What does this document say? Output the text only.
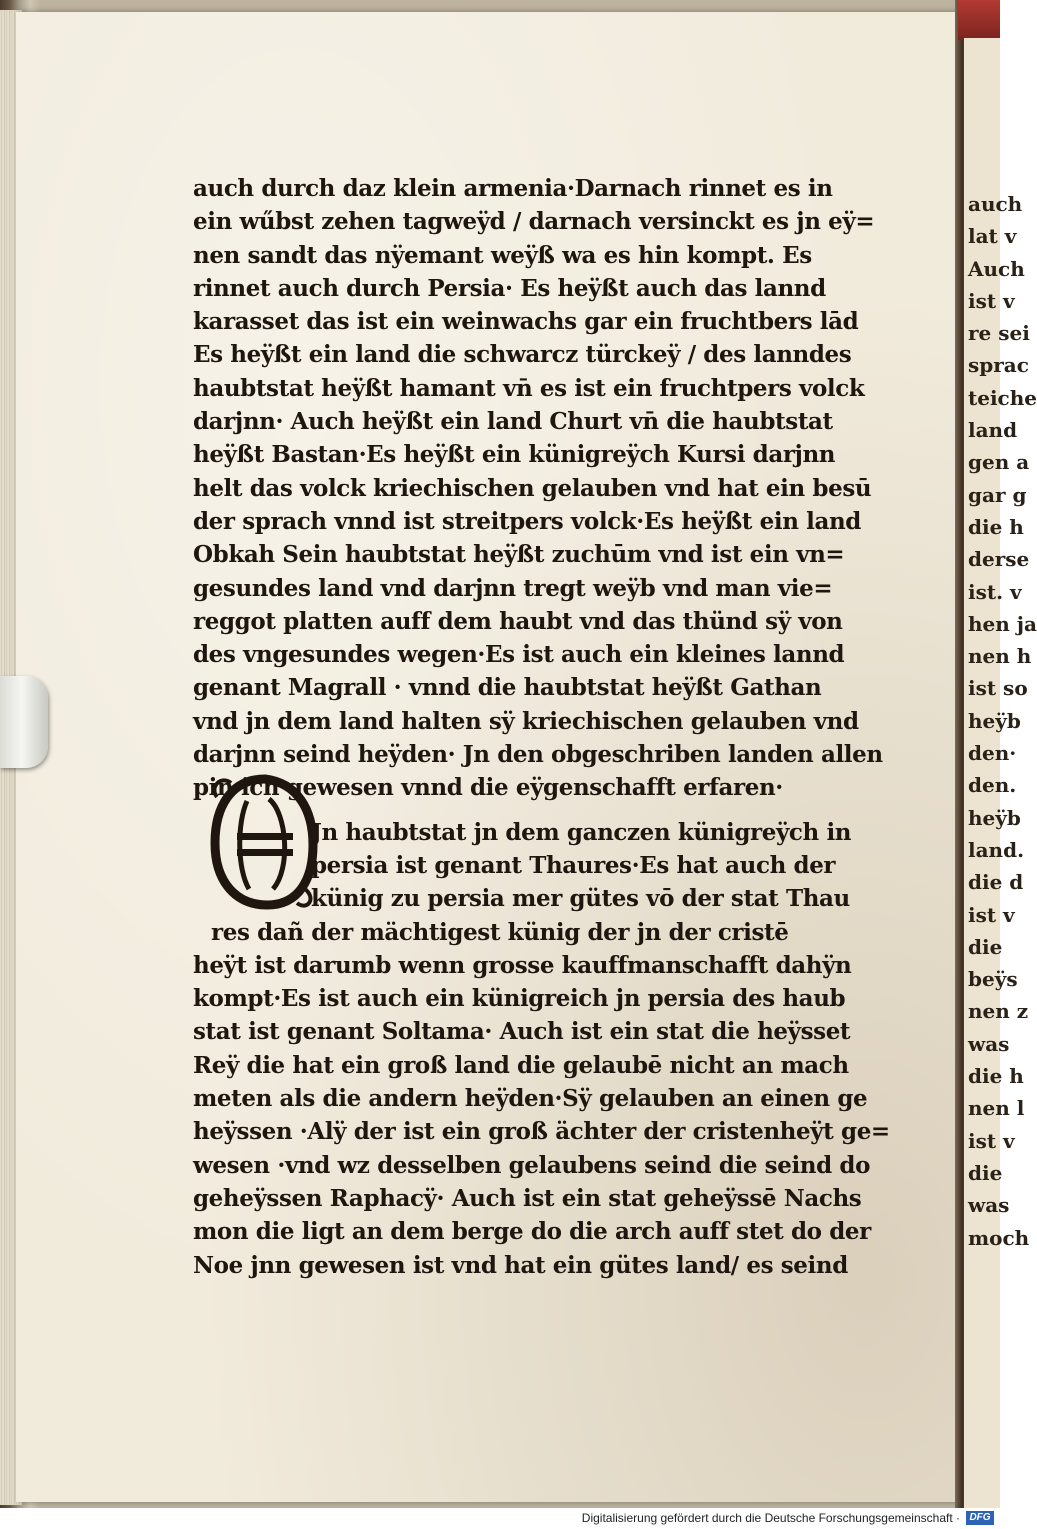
auch
lat v
Auch
ist v
re sei
sprac
teiche
land
gen a
gar g
die h
derse
ist. v
hen ja
nen h
ist so
heÿb
den·
den.
heÿb
land.
die d
ist v
die
beÿs
nen z
was
die h
nen l
ist v
die
was
moch
auch durch daz klein armenia·Darnach rinnet es in
ein wűbst zehen tagweÿd / darnach versinckt es jn eÿ=
nen sandt das nÿemant weÿß wa es hin kompt. Es
rinnet auch durch Persia· Es heÿßt auch das lannd
karasset das ist ein weinwachs gar ein fruchtbers lād
Es heÿßt ein land die schwarcz türckeÿ / des lanndes
haubtstat heÿßt hamant vn̄ es ist ein fruchtpers volck
darjnn· Auch heÿßt ein land Churt vn̄ die haubtstat
heÿßt Bastan·Es heÿßt ein künigreÿch Kursi darjnn
helt das volck kriechischen gelauben vnd hat ein besū
der sprach vnnd ist streitpers volck·Es heÿßt ein land
Obkah Sein haubtstat heÿßt zuchūm vnd ist ein vn=
gesundes land vnd darjnn tregt weÿb vnd man vie=
reggot platten auff dem haubt vnd das thünd sÿ von
des vngesundes wegen·Es ist auch ein kleines lannd
genant Magrall · vnnd die haubtstat heÿßt Gathan
vnd jn dem land halten sÿ kriechischen gelauben vnd
darjnn seind heÿden· Jn den obgeschriben landen allen
pin ich gewesen vnnd die eÿgenschafft erfaren·
Jn haubtstat jn dem ganczen künigreÿch in
persia ist genant Thaures·Es hat auch der
künig zu persia mer gütes vō der stat Thau
res dañ der mächtigest künig der jn der cristē
heÿt ist darumb wenn grosse kauffmanschafft dahÿn
kompt·Es ist auch ein künigreich jn persia des haub
stat ist genant Soltama· Auch ist ein stat die heÿsset
Reÿ die hat ein groß land die gelaubē nicht an mach
meten als die andern heÿden·Sÿ gelauben an einen ge
heÿssen ·Alÿ der ist ein groß ächter der cristenheÿt ge=
wesen ·vnd wz desselben gelaubens seind die seind do
geheÿssen Raphacÿ· Auch ist ein stat geheÿssē Nachs
mon die ligt an dem berge do die arch auff stet do der
Noe jnn gewesen ist vnd hat ein gütes land/ es seind
Digitalisierung gefördert durch die Deutsche Forschungsgemeinschaft · DFG
